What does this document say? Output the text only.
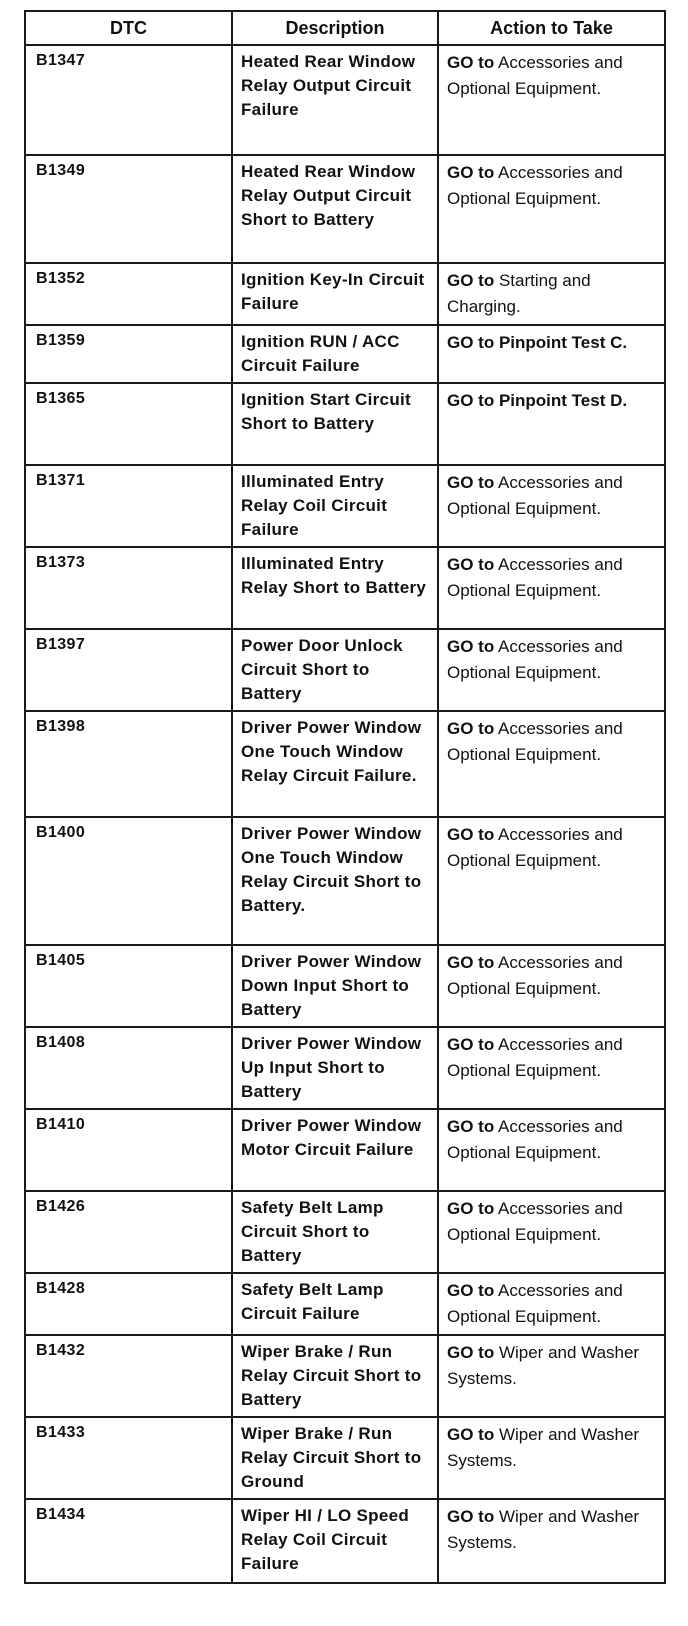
DTC	Description	Action to Take
B1347	Heated Rear Window Relay Output Circuit Failure	GO to Accessories and Optional Equipment.
B1349	Heated Rear Window Relay Output Circuit Short to Battery	GO to Accessories and Optional Equipment.
B1352	Ignition Key-In Circuit Failure	GO to Starting and Charging.
B1359	Ignition RUN / ACC Circuit Failure	GO to Pinpoint Test C.
B1365	Ignition Start Circuit Short to Battery	GO to Pinpoint Test D.
B1371	Illuminated Entry Relay Coil Circuit Failure	GO to Accessories and Optional Equipment.
B1373	Illuminated Entry Relay Short to Battery	GO to Accessories and Optional Equipment.
B1397	Power Door Unlock Circuit Short to Battery	GO to Accessories and Optional Equipment.
B1398	Driver Power Window One Touch Window Relay Circuit Failure.	GO to Accessories and Optional Equipment.
B1400	Driver Power Window One Touch Window Relay Circuit Short to Battery.	GO to Accessories and Optional Equipment.
B1405	Driver Power Window Down Input Short to Battery	GO to Accessories and Optional Equipment.
B1408	Driver Power Window Up Input Short to Battery	GO to Accessories and Optional Equipment.
B1410	Driver Power Window Motor Circuit Failure	GO to Accessories and Optional Equipment.
B1426	Safety Belt Lamp Circuit Short to Battery	GO to Accessories and Optional Equipment.
B1428	Safety Belt Lamp Circuit Failure	GO to Accessories and Optional Equipment.
B1432	Wiper Brake / Run Relay Circuit Short to Battery	GO to Wiper and Washer Systems.
B1433	Wiper Brake / Run Relay Circuit Short to Ground	GO to Wiper and Washer Systems.
B1434	Wiper HI / LO Speed Relay Coil Circuit Failure	GO to Wiper and Washer Systems.
